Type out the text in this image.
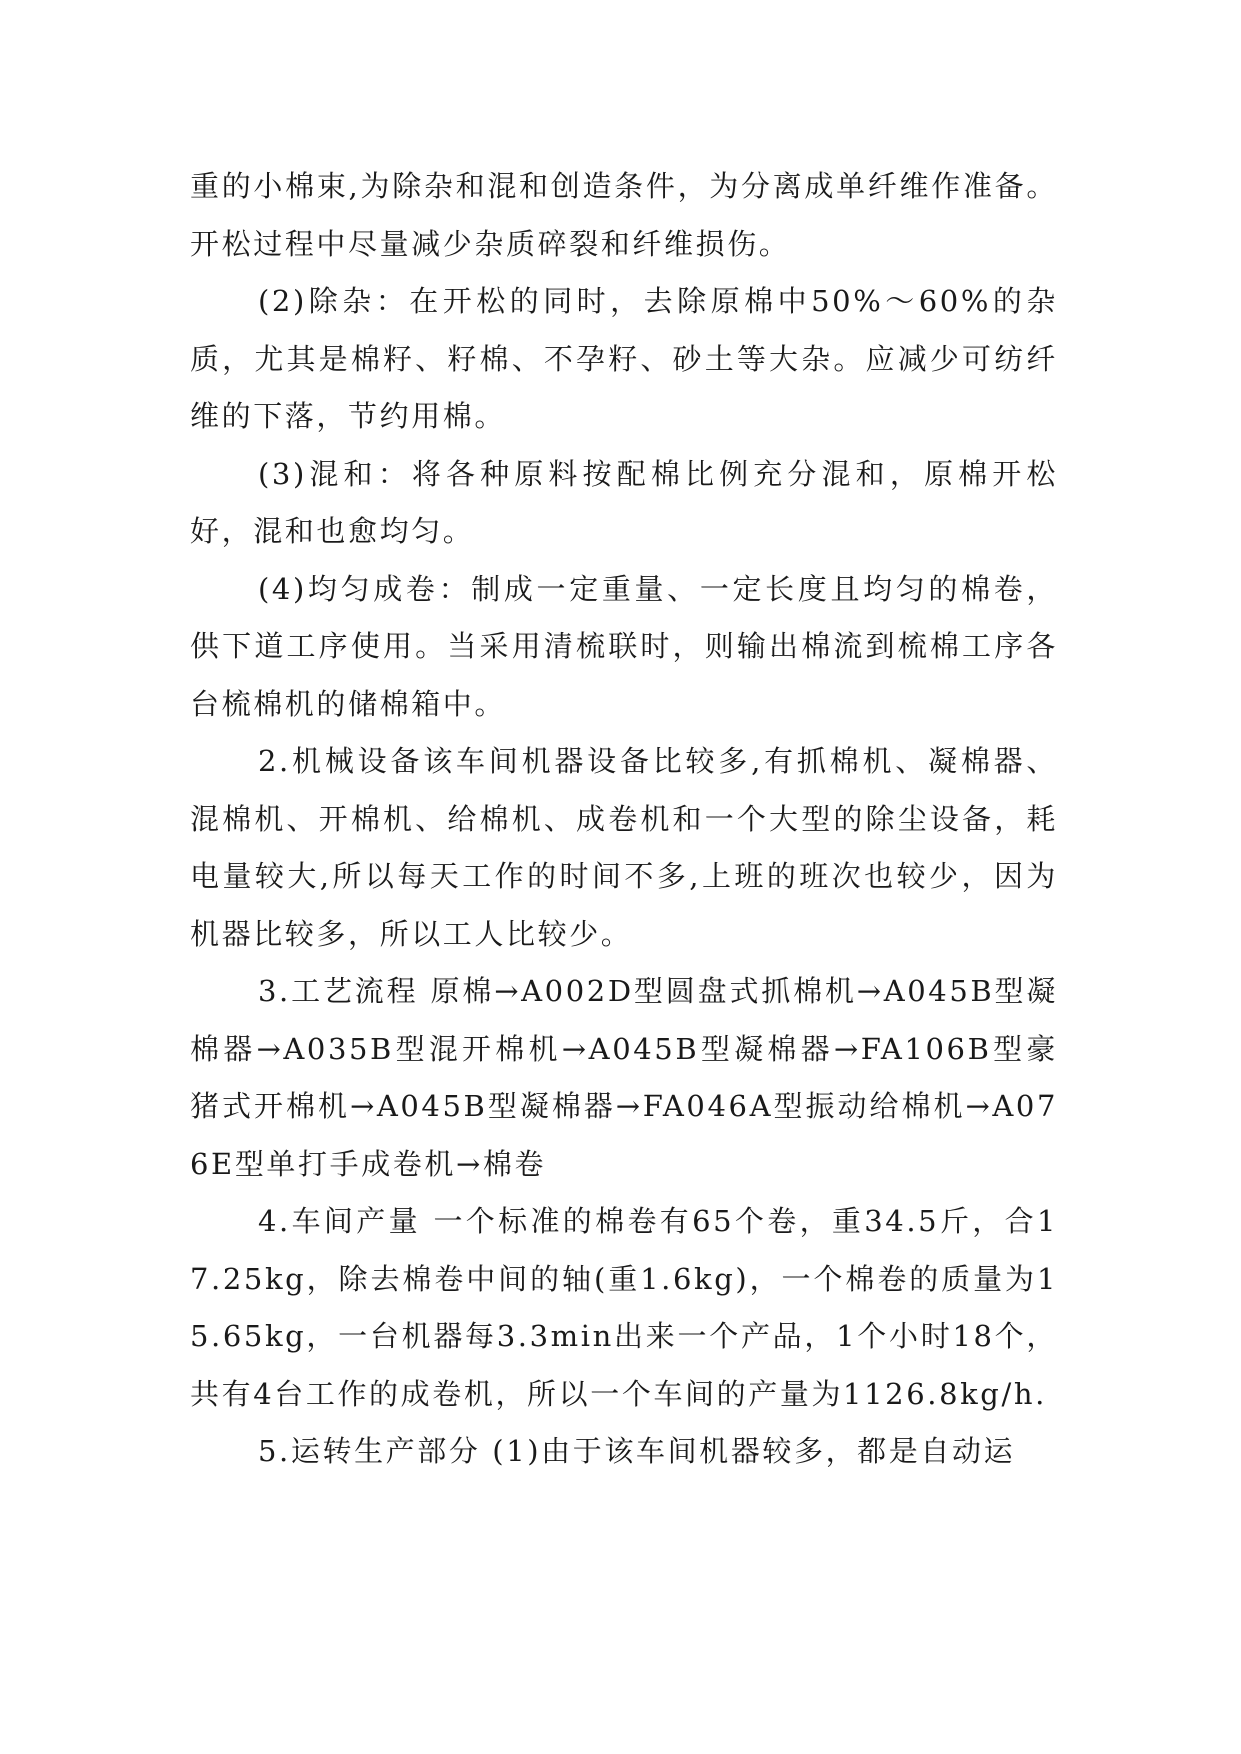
重的小棉束,为除杂和混和创造条件，为分离成单纤维作准备。开松过程中尽量减少杂质碎裂和纤维损伤。

(2)除杂：在开松的同时，去除原棉中50%～60%的杂质，尤其是棉籽、籽棉、不孕籽、砂土等大杂。应减少可纺纤维的下落，节约用棉。

(3)混和：将各种原料按配棉比例充分混和，原棉开松好，混和也愈均匀。

(4)均匀成卷：制成一定重量、一定长度且均匀的棉卷，供下道工序使用。当采用清梳联时，则输出棉流到梳棉工序各台梳棉机的储棉箱中。

2.机械设备该车间机器设备比较多,有抓棉机、凝棉器、混棉机、开棉机、给棉机、成卷机和一个大型的除尘设备，耗电量较大,所以每天工作的时间不多,上班的班次也较少，因为机器比较多，所以工人比较少。

3.工艺流程 原棉→A002D型圆盘式抓棉机→A045B型凝棉器→A035B型混开棉机→A045B型凝棉器→FA106B型豪猪式开棉机→A045B型凝棉器→FA046A型振动给棉机→A076E型单打手成卷机→棉卷

4.车间产量 一个标准的棉卷有65个卷，重34.5斤，合17.25kg，除去棉卷中间的轴(重1.6kg)，一个棉卷的质量为15.65kg，一台机器每3.3min出来一个产品，1个小时18个，共有4台工作的成卷机，所以一个车间的产量为1126.8kg/h.

5.运转生产部分 (1)由于该车间机器较多，都是自动运
